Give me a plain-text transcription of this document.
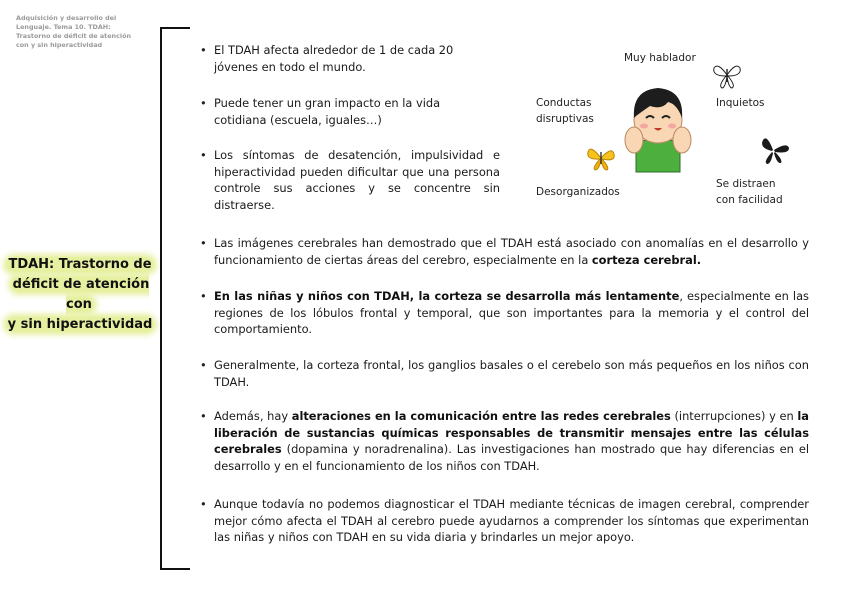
Adquisición y desarrollo del
Lenguaje. Tema 10. TDAH:
Trastorno de déficit de atención
con y sin hiperactividad
TDAH: Trastorno de
déficit de atención con
y sin hiperactividad
• El TDAH afecta alrededor de 1 de cada 20
jóvenes en todo el mundo.
• Puede tener un gran impacto en la vida
cotidiana (escuela, iguales…)
• Los síntomas de desatención, impulsividad e hiperactividad pueden dificultar que una persona controle sus acciones y se concentre sin distraerse.
Muy hablador
Conductas
disruptivas
Inquietos
Desorganizados
Se distraen
con facilidad
• Las imágenes cerebrales han demostrado que el TDAH está asociado con anomalías en el desarrollo y funcionamiento de ciertas áreas del cerebro, especialmente en la corteza cerebral.
• En las niñas y niños con TDAH, la corteza se desarrolla más lentamente, especialmente en las regiones de los lóbulos frontal y temporal, que son importantes para la memoria y el control del comportamiento.
• Generalmente, la corteza frontal, los ganglios basales o el cerebelo son más pequeños en los niños con TDAH.
• Además, hay alteraciones en la comunicación entre las redes cerebrales (interrupciones) y en la liberación de sustancias químicas responsables de transmitir mensajes entre las células cerebrales (dopamina y noradrenalina). Las investigaciones han mostrado que hay diferencias en el desarrollo y en el funcionamiento de los niños con TDAH.
• Aunque todavía no podemos diagnosticar el TDAH mediante técnicas de imagen cerebral, comprender mejor cómo afecta el TDAH al cerebro puede ayudarnos a comprender los síntomas que experimentan las niñas y niños con TDAH en su vida diaria y brindarles un mejor apoyo.
